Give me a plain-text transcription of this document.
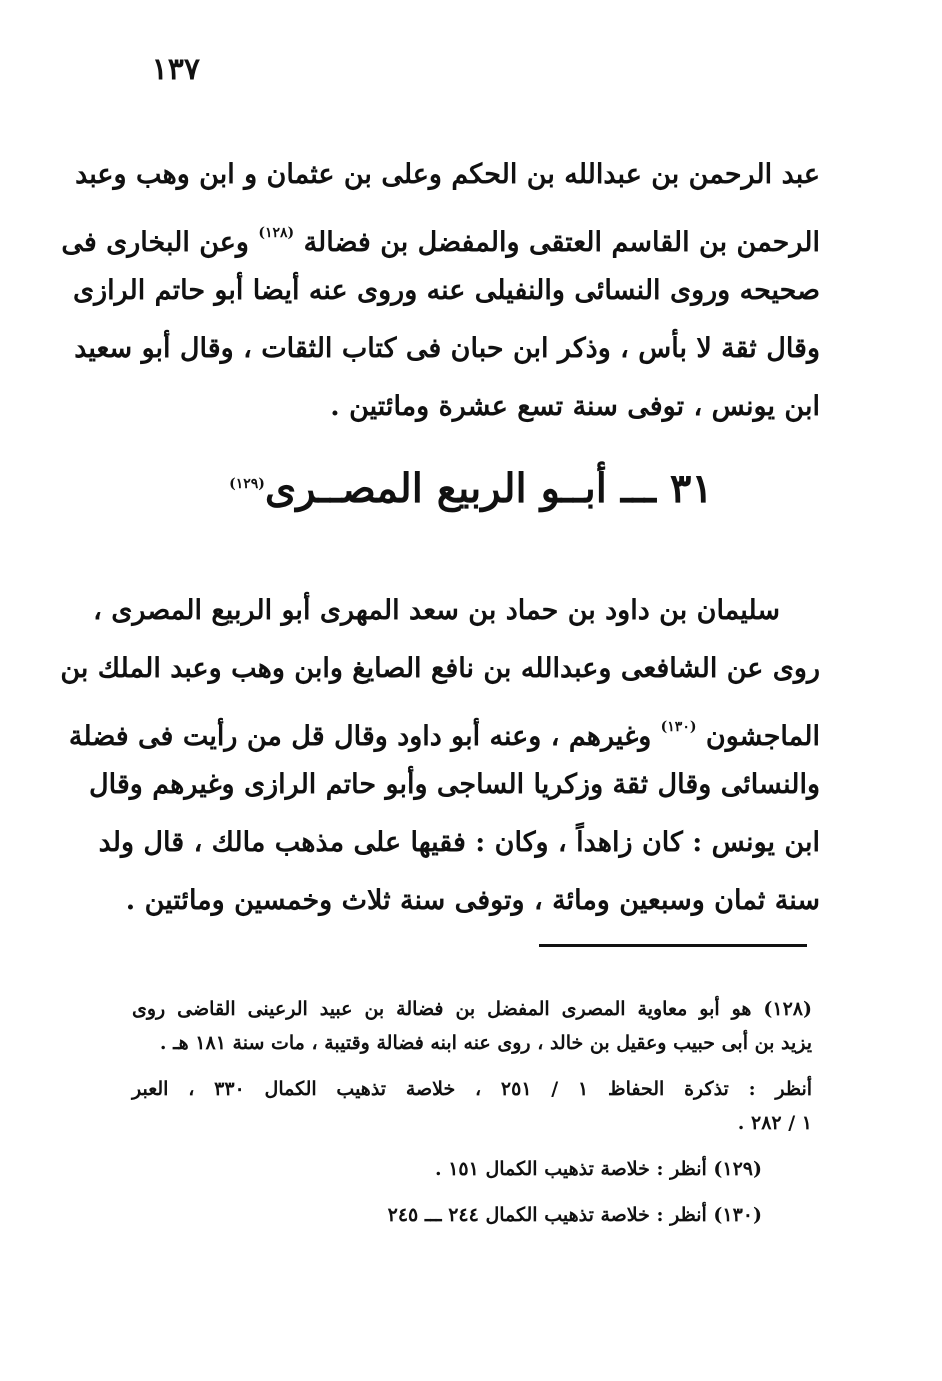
١٣٧
عبد الرحمن بن عبدالله بن الحكم وعلى بن عثمان و ابن وهب وعبد
الرحمن بن القاسم العتقى والمفضل بن فضالة $^{(١٢٨)}$ وعن البخارى فى
صحيحه وروى النسائى والنفيلى عنه وروى عنه أيضا أبو حاتم الرازى
وقال ثقة لا بأس ، وذكر ابن حبان فى كتاب الثقات ، وقال أبو سعيد
ابن يونس ، توفى سنة تسع عشرة ومائتين .
٣١ ـــ أبــو الربيع المصــرى$^{(١٢٩)}$
سليمان بن داود بن حماد بن سعد المهرى أبو الربيع المصرى ،
روى عن الشافعى وعبدالله بن نافع الصايغ وابن وهب وعبد الملك بن
الماجشون $^{(١٣٠)}$ وغيرهم ، وعنه أبو داود وقال قل من رأيت فى فضلة
والنسائى وقال ثقة وزكريا الساجى وأبو حاتم الرازى وغيرهم وقال
ابن يونس : كان زاهداً ، وكان : فقيها على مذهب مالك ، قال ولد
سنة ثمان وسبعين ومائة ، وتوفى سنة ثلاث وخمسين ومائتين .
(١٢٨) هو أبو معاوية المصرى المفضل بن فضالة بن عبيد الرعينى القاضى روى
يزيد بن أبى حبيب وعقيل بن خالد ، روى عنه ابنه فضالة وقتيبة ، مات سنة ١٨١ هـ .
أنظر : تذكرة الحفاظ ١ / ٢٥١ ، خلاصة تذهيب الكمال ٣٣٠ ، العبر
١ / ٢٨٢ .
(١٢٩) أنظر : خلاصة تذهيب الكمال ١٥١ .
(١٣٠) أنظر : خلاصة تذهيب الكمال ٢٤٤ ـــ ٢٤٥
